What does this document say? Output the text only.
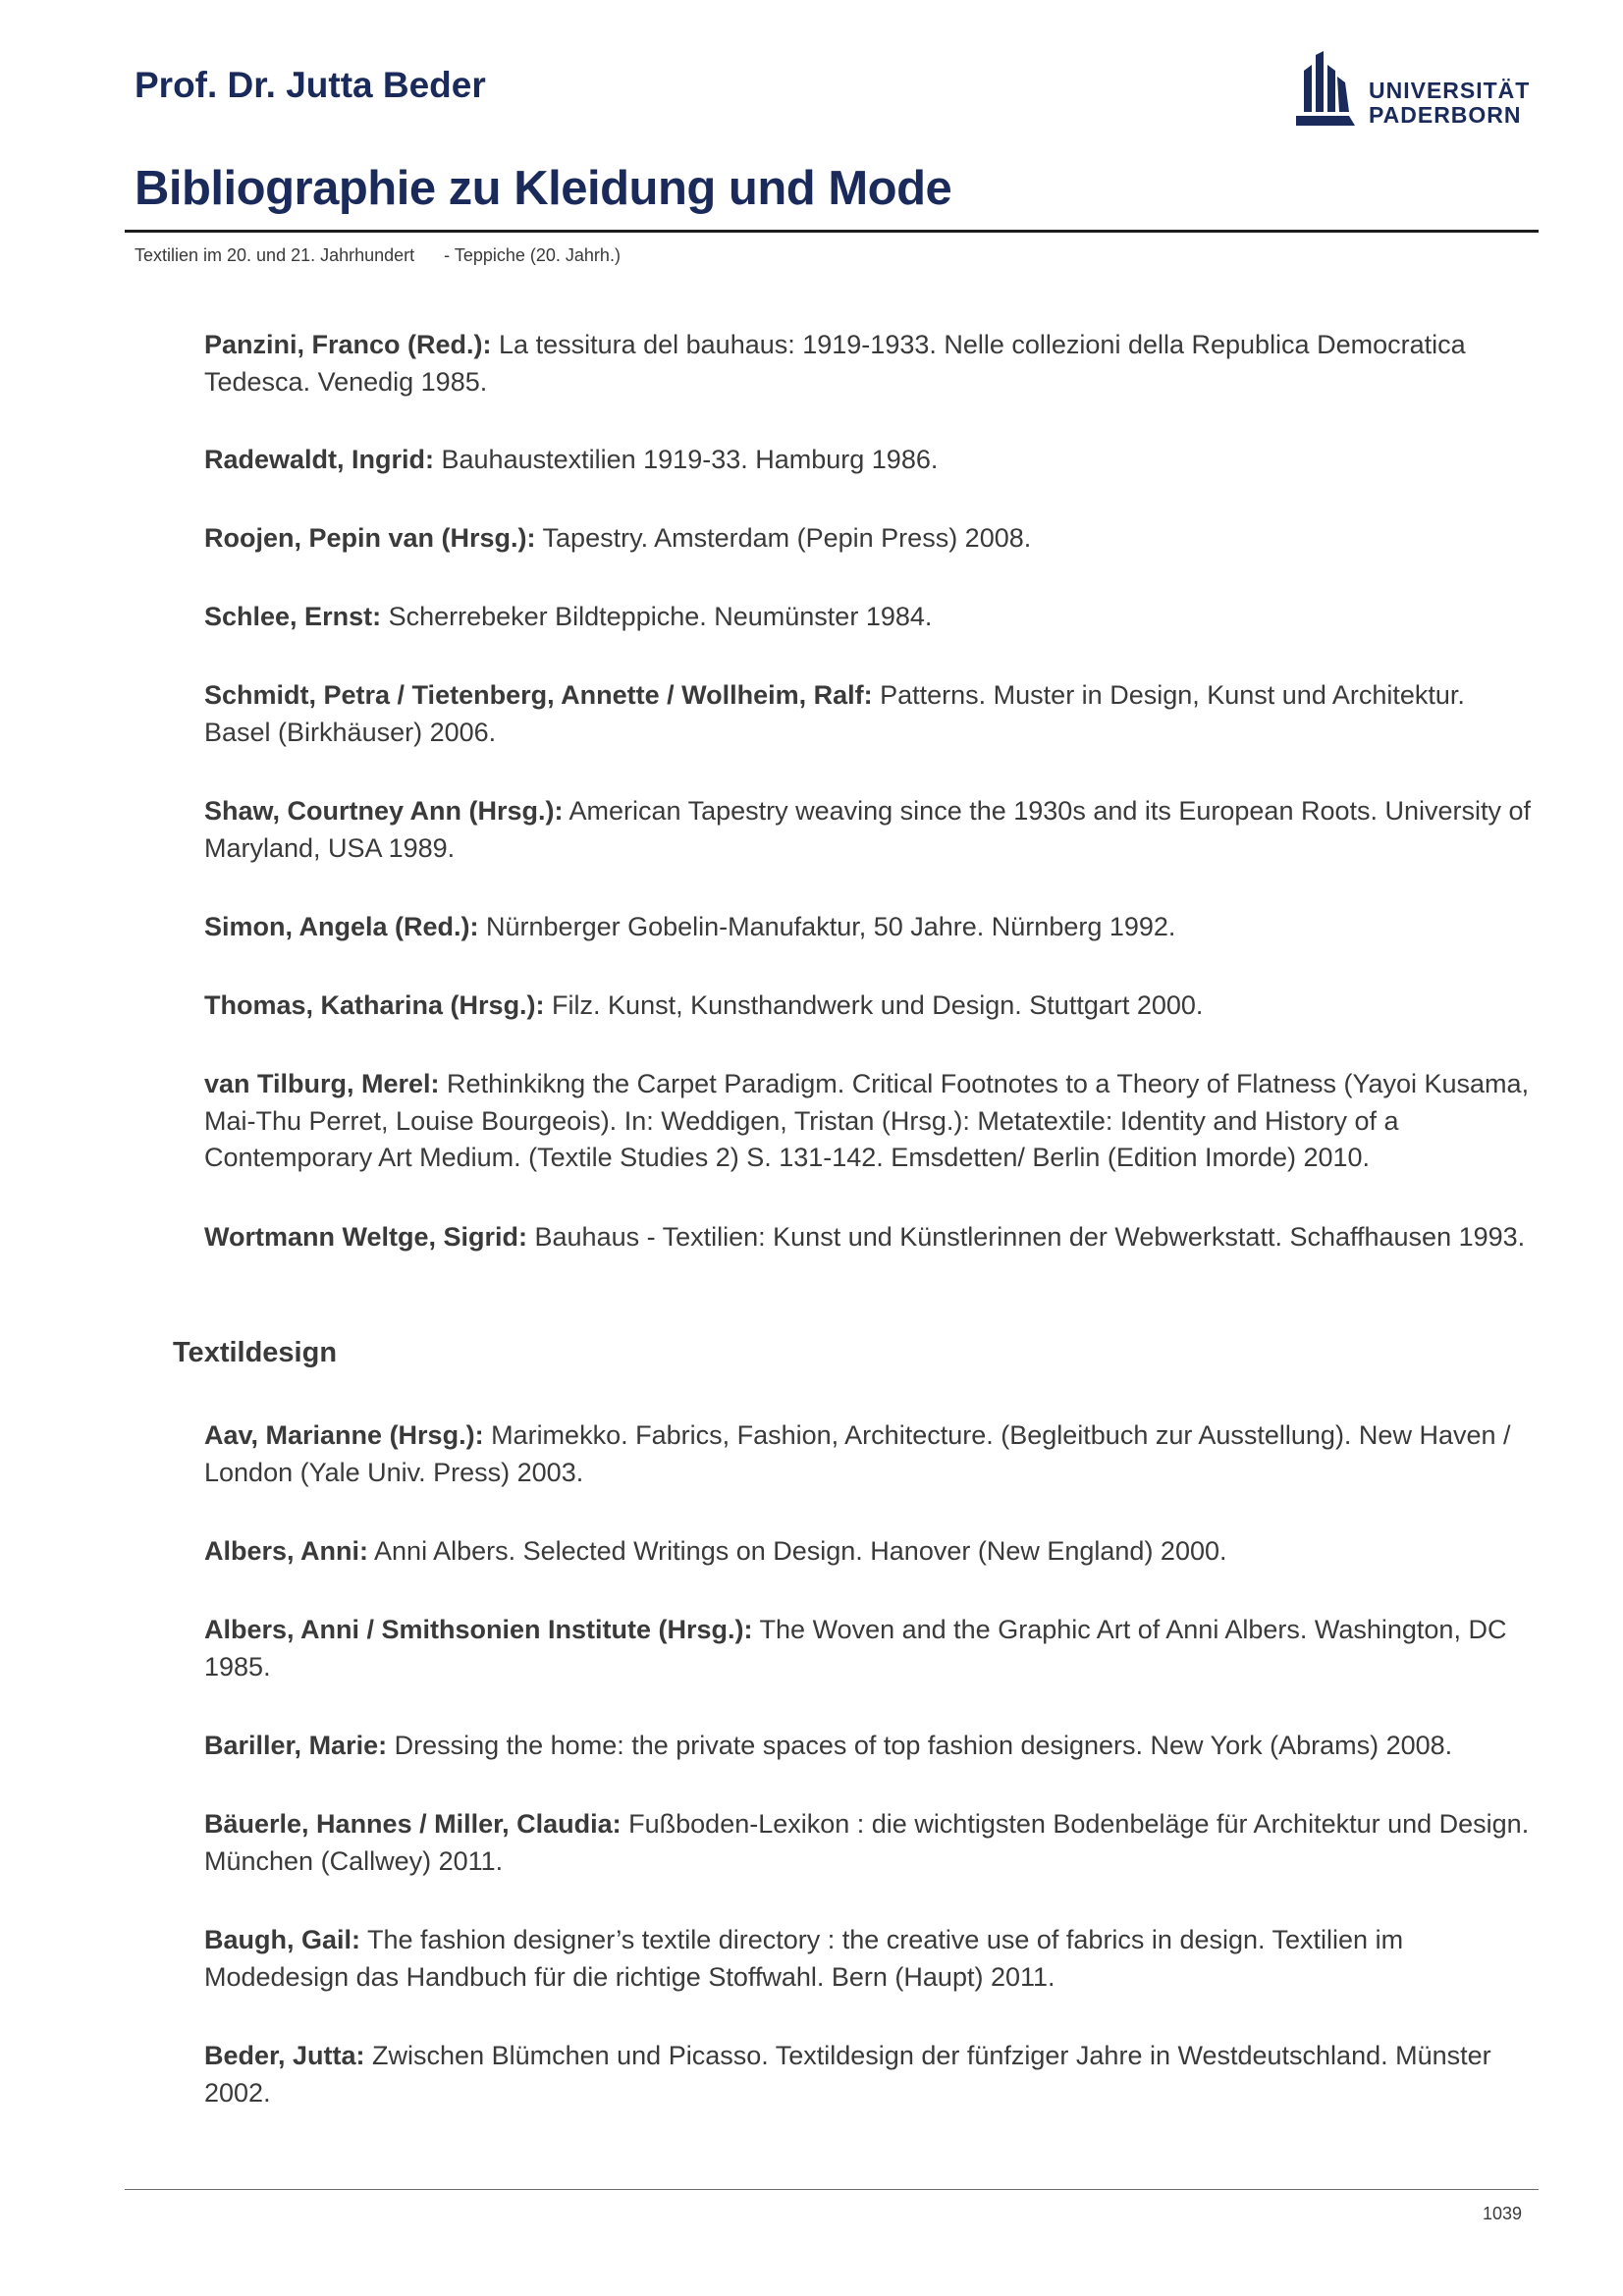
Prof. Dr. Jutta Beder	UNIVERSITÄT
PADERBORN
Bibliographie zu Kleidung und Mode
Textilien im 20. und 21. Jahrhundert - Teppiche (20. Jahrh.)
Panzini, Franco (Red.): La tessitura del bauhaus: 1919-1933. Nelle collezioni della Republica Democratica Tedesca. Venedig 1985.
Radewaldt, Ingrid: Bauhaustextilien 1919-33. Hamburg 1986.
Roojen, Pepin van (Hrsg.): Tapestry. Amsterdam (Pepin Press) 2008.
Schlee, Ernst: Scherrebeker Bildteppiche. Neumünster 1984.
Schmidt, Petra / Tietenberg, Annette / Wollheim, Ralf: Patterns. Muster in Design, Kunst und Architektur. Basel (Birkhäuser) 2006.
Shaw, Courtney Ann (Hrsg.): American Tapestry weaving since the 1930s and its European Roots. University of Maryland, USA 1989.
Simon, Angela (Red.): Nürnberger Gobelin-Manufaktur, 50 Jahre. Nürnberg 1992.
Thomas, Katharina (Hrsg.): Filz. Kunst, Kunsthandwerk und Design. Stuttgart 2000.
van Tilburg, Merel: Rethinkikng the Carpet Paradigm. Critical Footnotes to a Theory of Flatness (Yayoi Kusama, Mai-Thu Perret, Louise Bourgeois). In: Weddigen, Tristan (Hrsg.): Metatextile: Identity and History of a Contemporary Art Medium. (Textile Studies 2) S. 131-142. Emsdetten/ Berlin (Edition Imorde) 2010.
Wortmann Weltge, Sigrid: Bauhaus - Textilien: Kunst und Künstlerinnen der Webwerkstatt. Schaffhausen 1993.
Textildesign
Aav, Marianne (Hrsg.): Marimekko. Fabrics, Fashion, Architecture. (Begleitbuch zur Ausstellung). New Haven / London (Yale Univ. Press) 2003.
Albers, Anni: Anni Albers. Selected Writings on Design. Hanover (New England) 2000.
Albers, Anni / Smithsonien Institute (Hrsg.): The Woven and the Graphic Art of Anni Albers. Washington, DC 1985.
Bariller, Marie: Dressing the home: the private spaces of top fashion designers. New York (Abrams) 2008.
Bäuerle, Hannes / Miller, Claudia: Fußboden-Lexikon : die wichtigsten Bodenbeläge für Architektur und Design. München (Callwey) 2011.
Baugh, Gail: The fashion designer’s textile directory : the creative use of fabrics in design. Textilien im Modedesign das Handbuch für die richtige Stoffwahl. Bern (Haupt) 2011.
Beder, Jutta: Zwischen Blümchen und Picasso. Textildesign der fünfziger Jahre in Westdeutschland. Münster 2002.
1039
